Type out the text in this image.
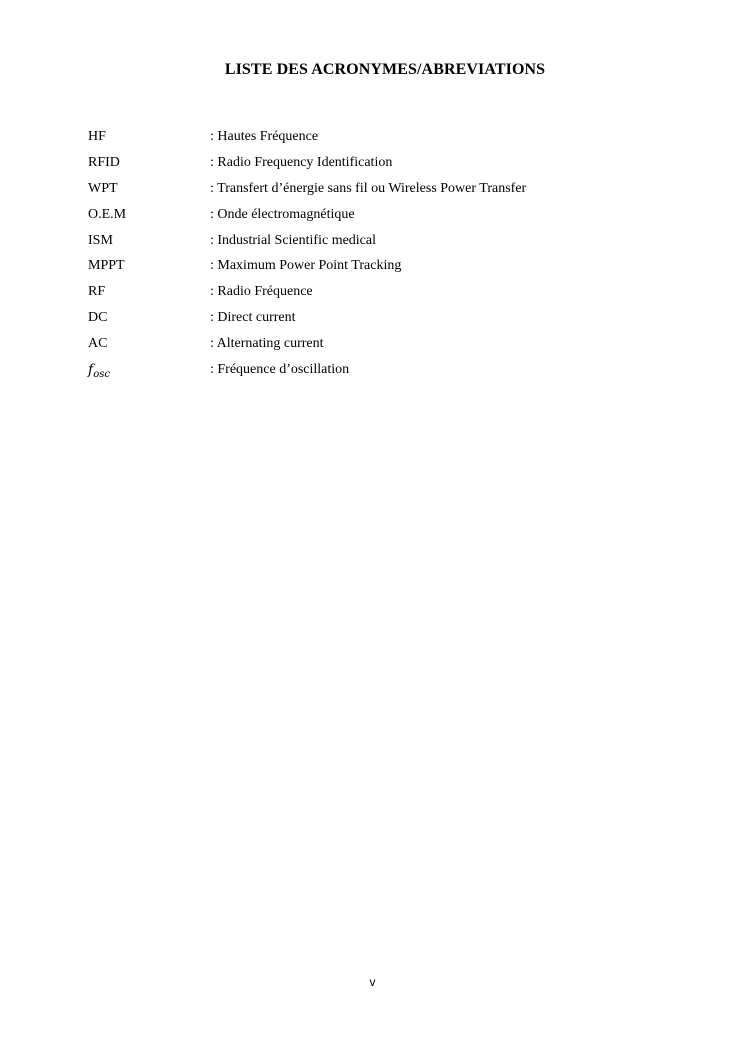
LISTE DES ACRONYMES/ABREVIATIONS
HF	: Hautes Fréquence
RFID	: Radio Frequency Identification
WPT	: Transfert d’énergie sans fil ou Wireless Power Transfer
O.E.M	: Onde électromagnétique
ISM	: Industrial Scientific medical
MPPT	: Maximum Power Point Tracking
RF	: Radio Fréquence
DC	: Direct current
AC	: Alternating current
$f_{osc}$	: Fréquence d’oscillation
v
